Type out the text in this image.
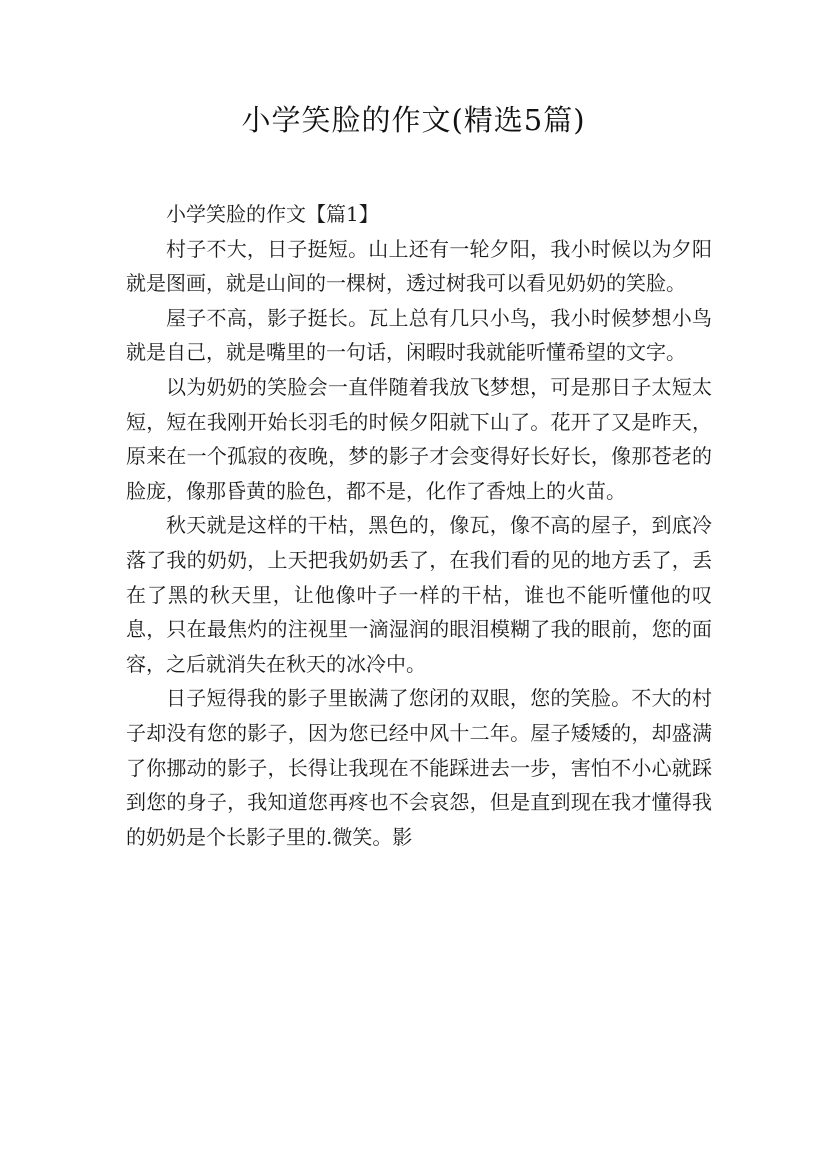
小学笑脸的作文(精选5篇)

小学笑脸的作文【篇1】

村子不大，日子挺短。山上还有一轮夕阳，我小时候以为夕阳就是图画，就是山间的一棵树，透过树我可以看见奶奶的笑脸。

屋子不高，影子挺长。瓦上总有几只小鸟，我小时候梦想小鸟就是自己，就是嘴里的一句话，闲暇时我就能听懂希望的文字。

以为奶奶的笑脸会一直伴随着我放飞梦想，可是那日子太短太短，短在我刚开始长羽毛的时候夕阳就下山了。花开了又是昨天，原来在一个孤寂的夜晚，梦的影子才会变得好长好长，像那苍老的脸庞，像那昏黄的脸色，都不是，化作了香烛上的火苗。

秋天就是这样的干枯，黑色的，像瓦，像不高的屋子，到底冷落了我的奶奶，上天把我奶奶丢了，在我们看的见的地方丢了，丢在了黑的秋天里，让他像叶子一样的干枯，谁也不能听懂他的叹息，只在最焦灼的注视里一滴湿润的眼泪模糊了我的眼前，您的面容，之后就消失在秋天的冰冷中。

日子短得我的影子里嵌满了您闭的双眼，您的笑脸。不大的村子却没有您的影子，因为您已经中风十二年。屋子矮矮的，却盛满了你挪动的影子，长得让我现在不能踩进去一步，害怕不小心就踩到您的身子，我知道您再疼也不会哀怨，但是直到现在我才懂得我的奶奶是个长影子里的.微笑。影
